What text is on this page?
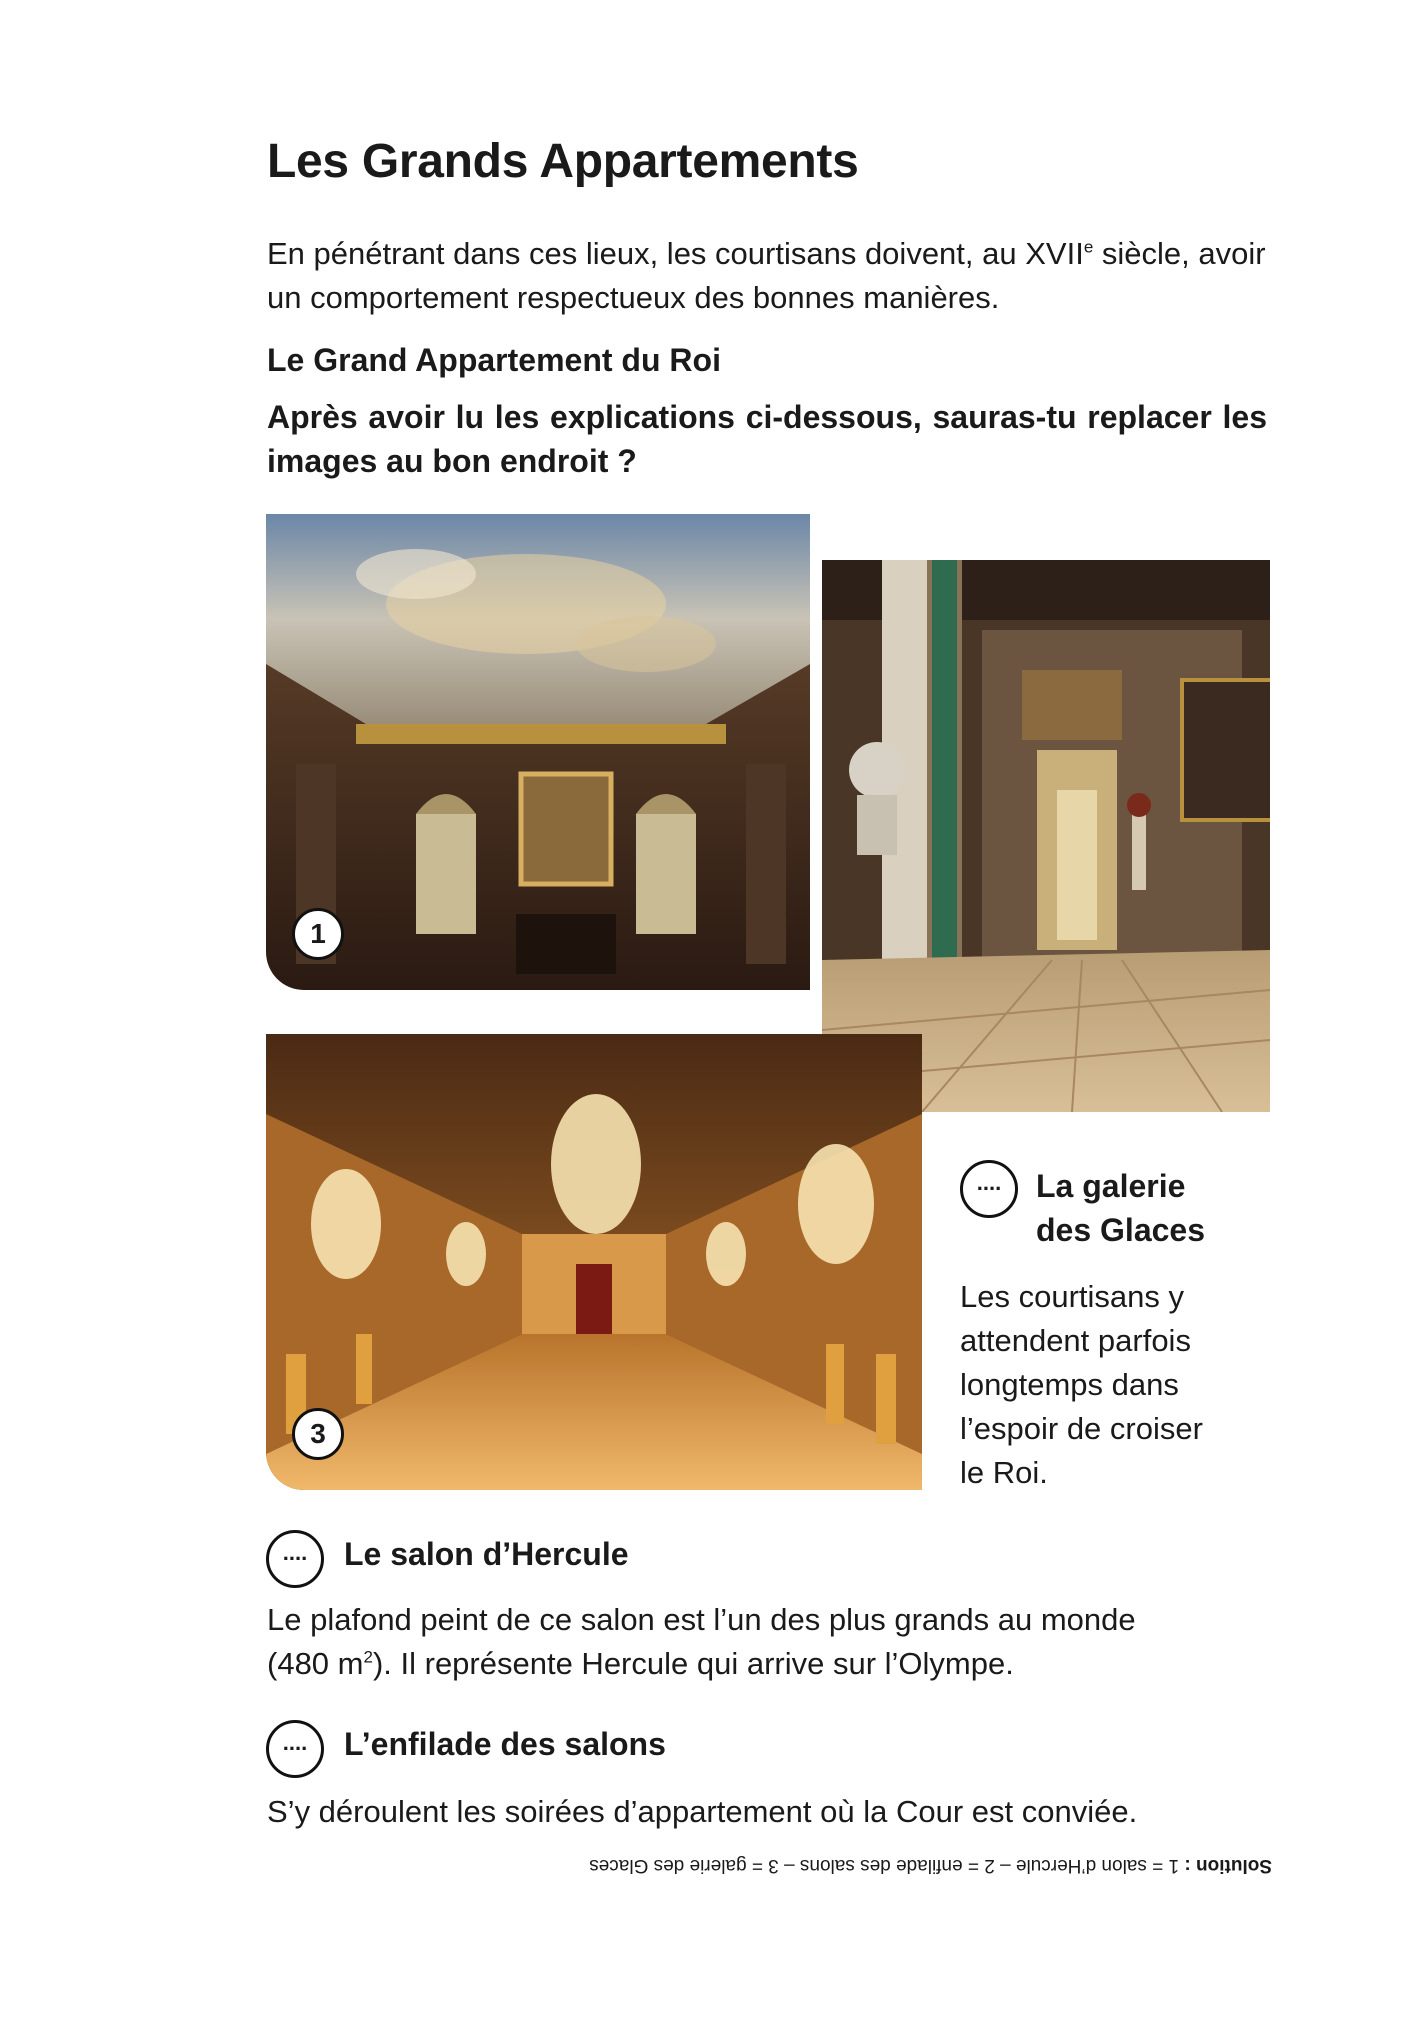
Les Grands Appartements
En pénétrant dans ces lieux, les courtisans doivent, au XVIIe siècle, avoir un comportement respectueux des bonnes manières.
Le Grand Appartement du Roi
Après avoir lu les explications ci-dessous, sauras-tu replacer les images au bon endroit ?
1
3
....	La galerie
des Glaces
Les courtisans y
attendent parfois
longtemps dans
l’espoir de croiser
le Roi.
....	Le salon d’Hercule
Le plafond peint de ce salon est l’un des plus grands au monde
(480 $m^2$). Il représente Hercule qui arrive sur l’Olympe.
....	L’enfilade des salons
S’y déroulent les soirées d’appartement où la Cour est conviée.
Solution : 1 = salon d’Hercule – 2 = enfilade des salons – 3 = galerie des Glaces
